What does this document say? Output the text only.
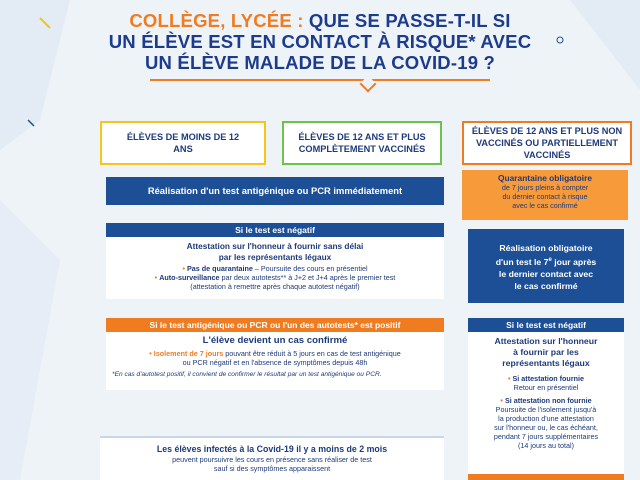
COLLÈGE, LYCÉE : QUE SE PASSE-T-IL SI
UN ÉLÈVE EST EN CONTACT À RISQUE* AVEC
UN ÉLÈVE MALADE DE LA COVID-19 ?
ÉLÈVES DE MOINS DE 12 ANS
ÉLÈVES DE 12 ANS ET PLUS COMPLÈTEMENT VACCINÉS
ÉLÈVES DE 12 ANS ET PLUS NON VACCINÉS OU PARTIELLEMENT VACCINÉS
Réalisation d'un test antigénique ou PCR immédiatement
Si le test est négatif
Attestation sur l'honneur à fournir sans délai
par les représentants légaux
• Pas de quarantaine – Poursuite des cours en présentiel
• Auto-surveillance par deux autotests** à J+2 et J+4 après le premier test
(attestation à remettre après chaque autotest négatif)
Si le test antigénique ou PCR ou l'un des autotests* est positif
L'élève devient un cas confirmé
• Isolement de 7 jours pouvant être réduit à 5 jours en cas de test antigénique
ou PCR négatif et en l'absence de symptômes depuis 48h
*En cas d'autotest positif, il convient de confirmer le résultat par un test antigénique ou PCR.
Les élèves infectés à la Covid-19 il y a moins de 2 mois
peuvent poursuivre les cours en présence sans réaliser de test
sauf si des symptômes apparaissent
Quarantaine obligatoire
de 7 jours pleins à compter
du dernier contact à risque
avec le cas confirmé
Réalisation obligatoire
d'un test le 7e jour après
le dernier contact avec
le cas confirmé
Si le test est négatif
Attestation sur l'honneur
à fournir par les
représentants légaux
• Si attestation fournie
Retour en présentiel
• Si attestation non fournie
Poursuite de l'isolement jusqu'à
la production d'une attestation
sur l'honneur ou, le cas échéant,
pendant 7 jours supplémentaires
(14 jours au total)
